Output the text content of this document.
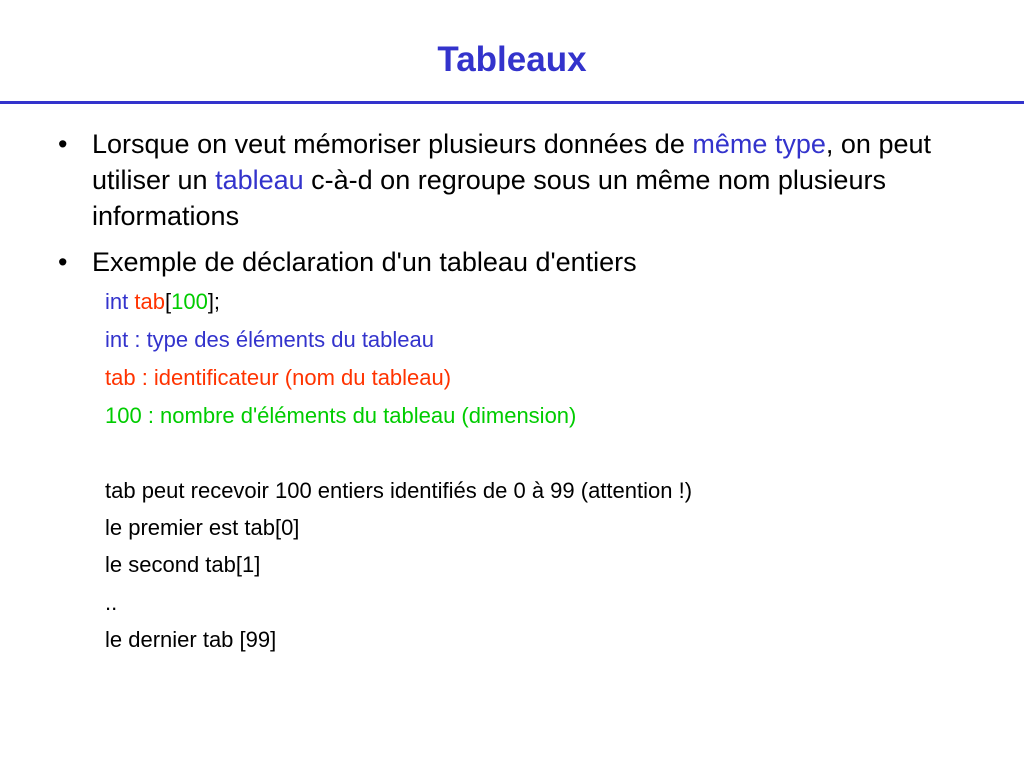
Tableaux
• Lorsque on veut mémoriser plusieurs données de même type, on peut utiliser un tableau c-à-d on regroupe sous un même nom plusieurs informations
• Exemple de déclaration d'un tableau d'entiers
int tab[100];
int : type des éléments du tableau
tab : identificateur (nom du tableau)
100 : nombre d'éléments du tableau (dimension)
tab peut recevoir 100 entiers identifiés de 0 à 99 (attention !)
le premier est tab[0]
le second tab[1]
..
le dernier tab [99]
